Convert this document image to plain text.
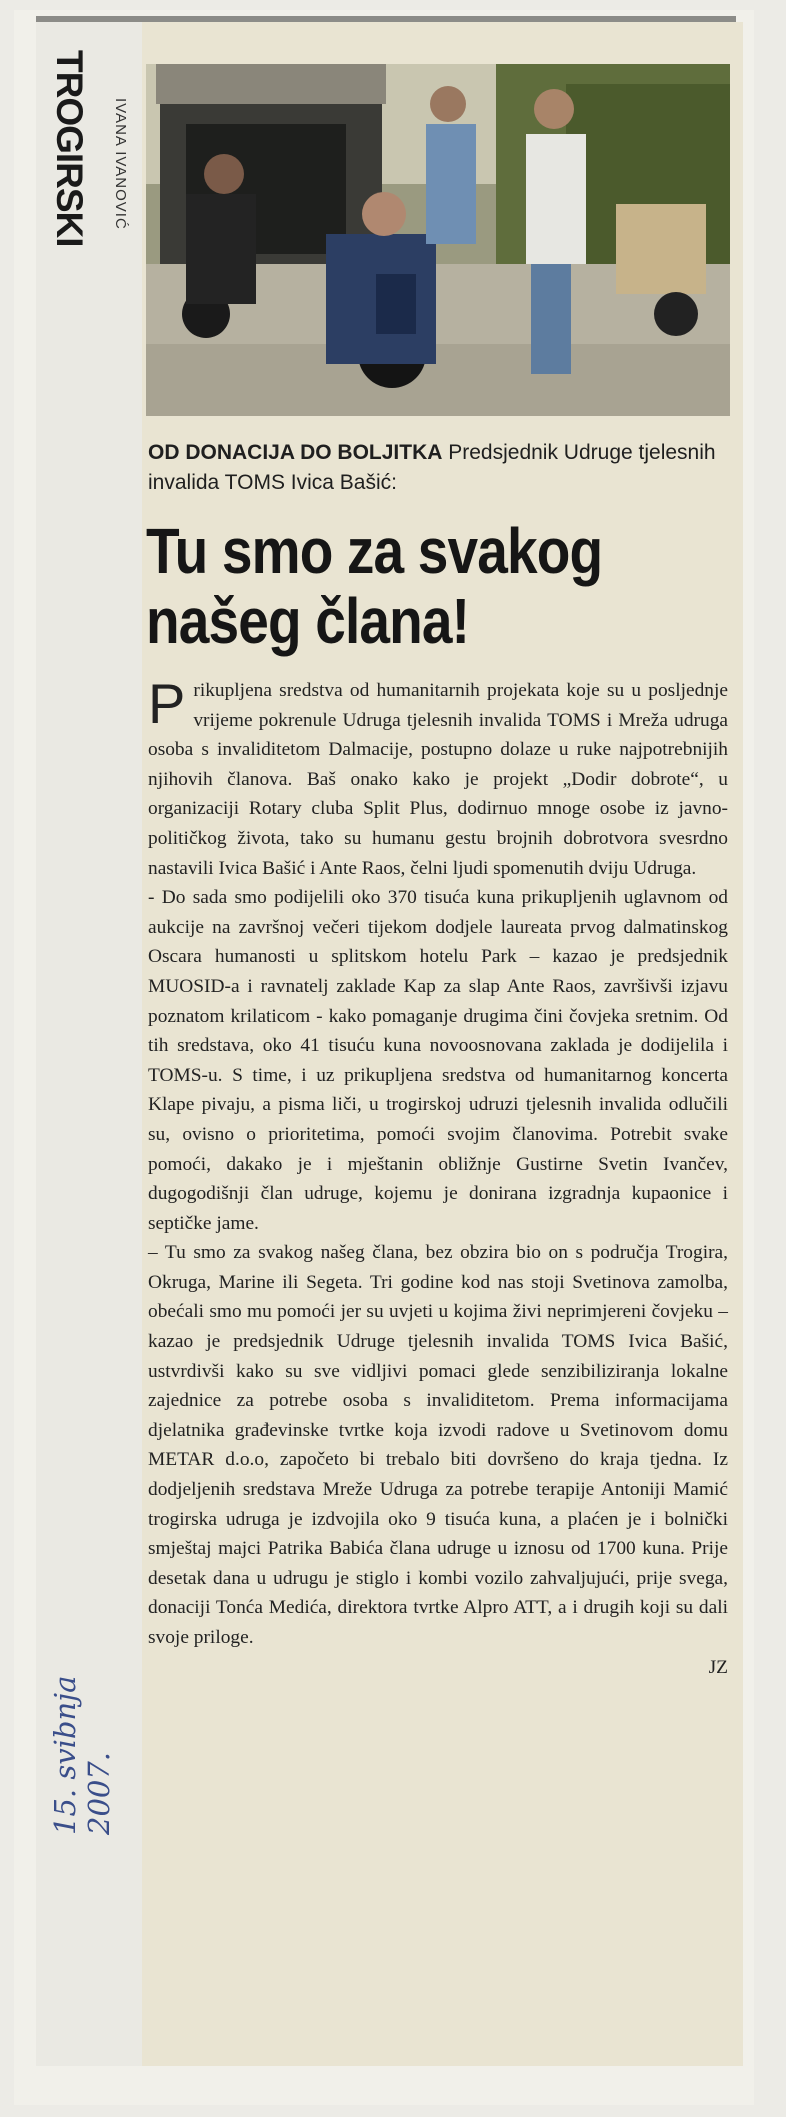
TROGIRSKI IVANA IVANOVIĆ
OD DONACIJA DO BOLJITKA Predsjednik Udruge tjelesnih invalida TOMS Ivica Bašić:
Tu smo za svakog našeg člana!

Prikupljena sredstva od humanitarnih projekata koje su u posljednje vrijeme pokrenule Udruga tjelesnih invalida TOMS i Mreža udruga osoba s invaliditetom Dalmacije, postupno dolaze u ruke najpotrebnijih njihovih članova. Baš onako kako je projekt „Dodir dobrote“, u organizaciji Rotary cluba Split Plus, dodirnuo mnoge osobe iz javno-političkog života, tako su humanu gestu brojnih dobrotvora svesrdno nastavili Ivica Bašić i Ante Raos, čelni ljudi spomenutih dviju Udruga.

- Do sada smo podijelili oko 370 tisuća kuna prikupljenih uglavnom od aukcije na završnoj večeri tijekom dodjele laureata prvog dalmatinskog Oscara humanosti u splitskom hotelu Park – kazao je predsjednik MUOSID-a i ravnatelj zaklade Kap za slap Ante Raos, završivši izjavu poznatom krilaticom - kako pomaganje drugima čini čovjeka sretnim. Od tih sredstava, oko 41 tisuću kuna novoosnovana zaklada je dodijelila i TOMS-u. S time, i uz prikupljena sredstva od humanitarnog koncerta Klape pivaju, a pisma liči, u trogirskoj udruzi tjelesnih invalida odlučili su, ovisno o prioritetima, pomoći svojim članovima. Potrebit svake pomoći, dakako je i mještanin obližnje Gustirne Svetin Ivančev, dugogodišnji član udruge, kojemu je donirana izgradnja kupaonice i septičke jame.

– Tu smo za svakog našeg člana, bez obzira bio on s područja Trogira, Okruga, Marine ili Segeta. Tri godine kod nas stoji Svetinova zamolba, obećali smo mu pomoći jer su uvjeti u kojima živi neprimjereni čovjeku – kazao je predsjednik Udruge tjelesnih invalida TOMS Ivica Bašić, ustvrdivši kako su sve vidljivi pomaci glede senzibiliziranja lokalne zajednice za potrebe osoba s invaliditetom. Prema informacijama djelatnika građevinske tvrtke koja izvodi radove u Svetinovom domu METAR d.o.o, započeto bi trebalo biti dovršeno do kraja tjedna. Iz dodjeljenih sredstava Mreže Udruga za potrebe terapije Antoniji Mamić trogirska udruga je izdvojila oko 9 tisuća kuna, a plaćen je i bolnički smještaj majci Patrika Babića člana udruge u iznosu od 1700 kuna. Prije desetak dana u udrugu je stiglo i kombi vozilo zahvaljujući, prije svega, donaciji Tonća Medića, direktora tvrtke Alpro ATT, a i drugih koji su dali svoje priloge.

JZ

15. svibnja 2007.
